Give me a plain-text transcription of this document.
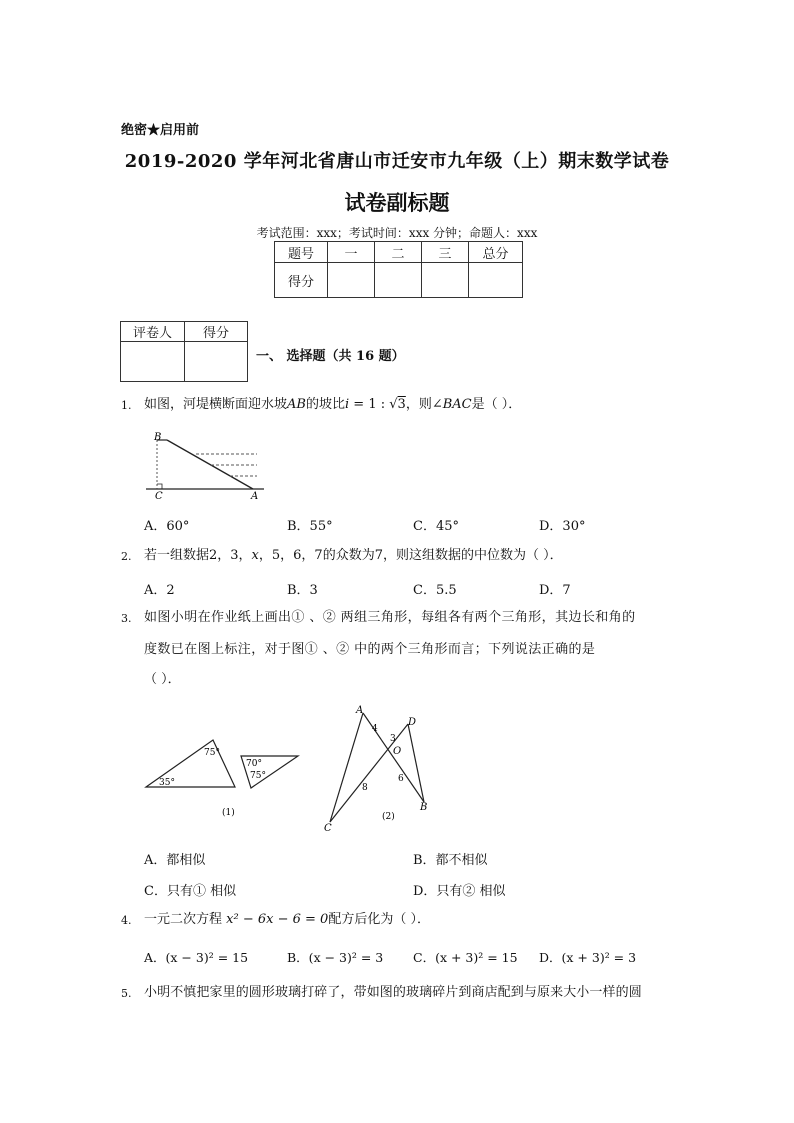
绝密★启用前
2019-2020 学年河北省唐山市迁安市九年级（上）期末数学试卷
试卷副标题
考试范围：xxx；考试时间：xxx 分钟；命题人：xxx
题号	一	二	三	总分
得分				
评卷人	得分

一、 选择题（共 16 题）
1. 如图，河堤横断面迎水坡AB的坡比i = 1 : √3，则∠BAC是（ ）．
B
C	A
A．60°	B．55°	C．45°	D．30°
2. 若一组数据2，3，x，5，6，7的众数为7，则这组数据的中位数为（ ）．
A．2	B．3	C．5.5	D．7
3. 如图小明在作业纸上画出① 、② 两组三角形，每组各有两个三角形，其边长和角的
度数已在图上标注，对于图① 、② 中的两个三角形而言；下列说法正确的是
（ ）．
75°
35°
70°
75°
(1)
A
D
O
C
B
4
3
6
8
(2)
A．都相似	B．都不相似
C．只有① 相似	D．只有② 相似
4. 一元二次方程 x² − 6x − 6 = 0配方后化为（ ）．
A．(x − 3)² = 15	B．(x − 3)² = 3 C．(x + 3)² = 15 D．(x + 3)² = 3
5. 小明不慎把家里的圆形玻璃打碎了，带如图的玻璃碎片到商店配到与原来大小一样的圆
